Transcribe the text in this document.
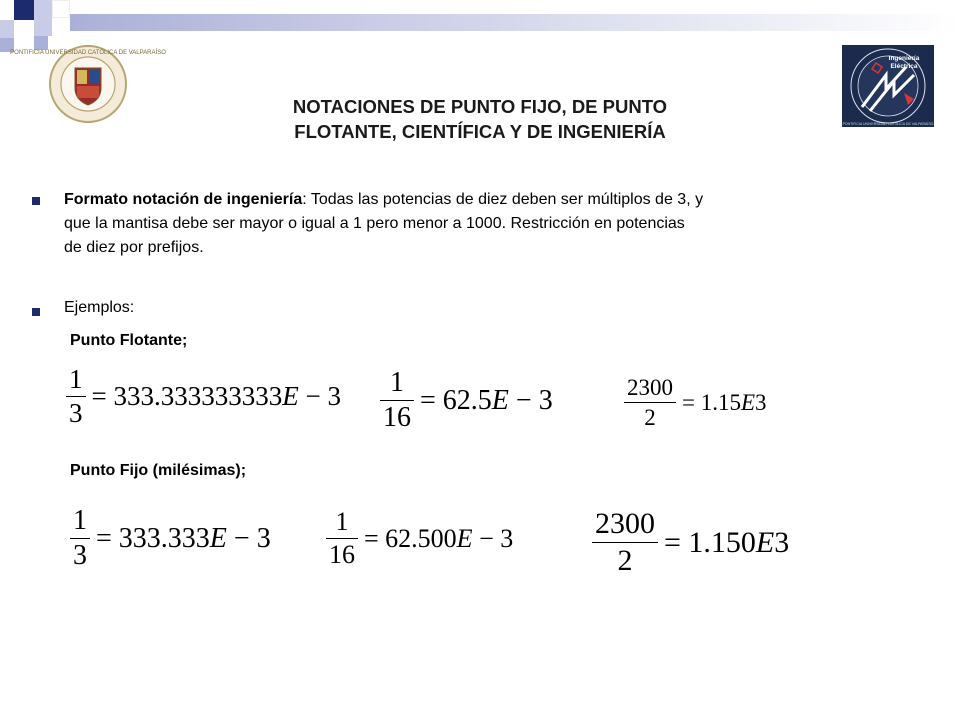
PONTIFICIA UNIVERSIDAD CATÓLICA DE VALPARAÍSO
Ingeniería
Eléctrica
PONTIFICIA UNIVERSIDAD CATÓLICA DE VALPARAÍSO
NOTACIONES DE PUNTO FIJO, DE PUNTO
FLOTANTE, CIENTÍFICA Y DE INGENIERÍA
Formato notación de ingeniería: Todas las potencias de diez deben ser múltiplos de 3, y
que la mantisa debe ser mayor o igual a 1 pero menor a 1000. Restricción en potencias
de diez por prefijos.
Ejemplos:
Punto Flotante;
$\frac{1}{3} = 333.333333333E - 3 \frac{1}{16} = 62.5E - 3$	$\frac{2300}{2} = 1.15E3$
Punto Fijo (milésimas);
$\frac{1}{3} = 333.333E - 3 \frac{1}{16} = 62.500E - 3$	$\frac{2300}{2} = 1.150E3$
